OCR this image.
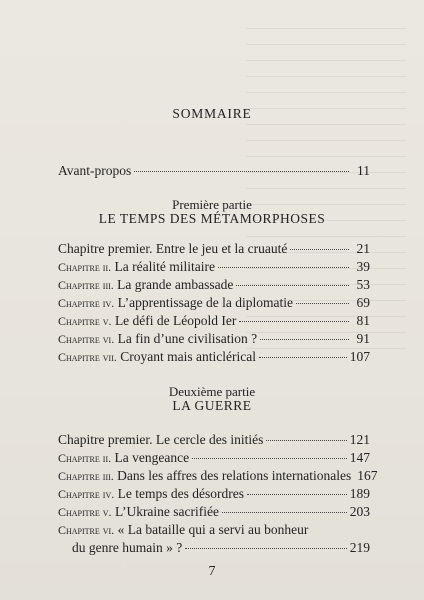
SOMMAIRE
Avant-propos	11
Première partie
LE TEMPS DES MÉTAMORPHOSES
Chapitre premier. Entre le jeu et la cruauté	21
Chapitre ii. La réalité militaire	39
Chapitre iii. La grande ambassade	53
Chapitre iv. L’apprentissage de la diplomatie	69
Chapitre v. Le défi de Léopold Ier	81
Chapitre vi. La fin d’une civilisation ?	91
Chapitre vii. Croyant mais anticlérical	107
Deuxième partie
LA GUERRE
Chapitre premier. Le cercle des initiés	121
Chapitre ii. La vengeance	147
Chapitre iii. Dans les affres des relations internationales 167
Chapitre iv. Le temps des désordres	189
Chapitre v. L’Ukraine sacrifiée	203
Chapitre vi. « La bataille qui a servi au bonheur
du genre humain » ?	219
7
